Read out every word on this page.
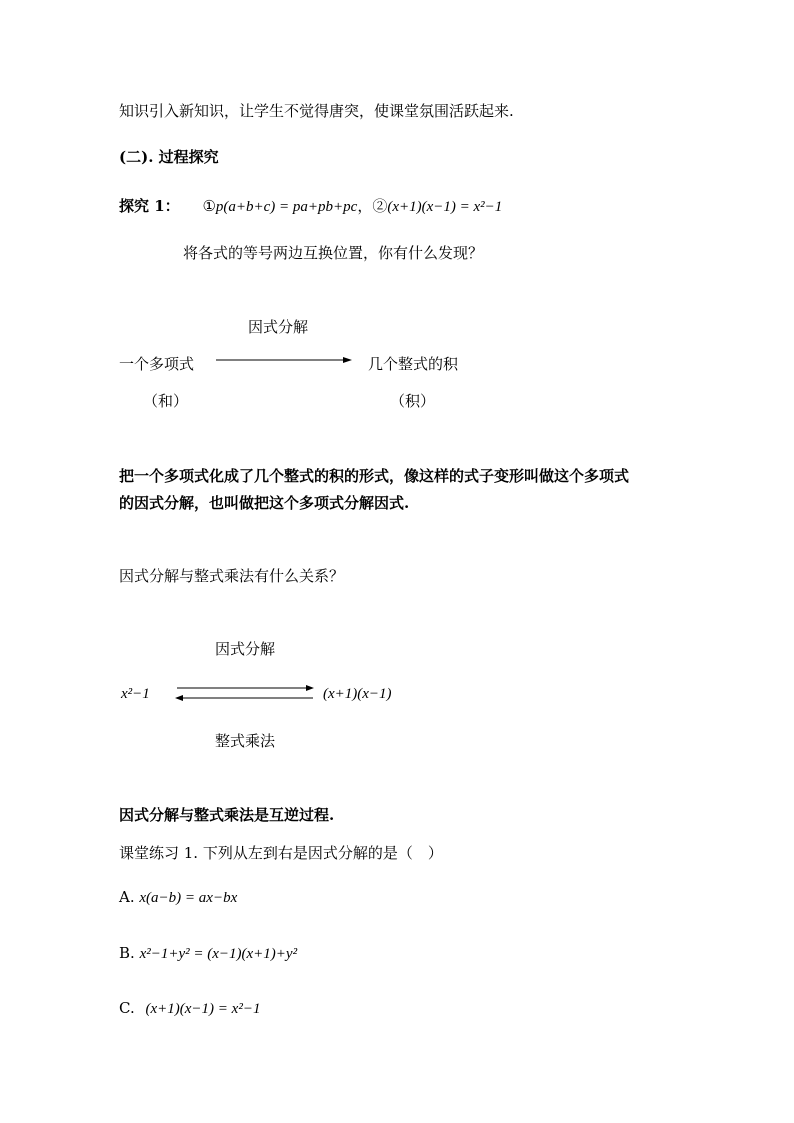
知识引入新知识，让学生不觉得唐突，使课堂氛围活跃起来.
(二). 过程探究
探究 1： ①p(a+b+c) = pa+pb+pc，②(x+1)(x−1) = x²−1
将各式的等号两边互换位置，你有什么发现？
因式分解
一个多项式	几个整式的积
（和）	（积）
把一个多项式化成了几个整式的积的形式，像这样的式子变形叫做这个多项式
的因式分解，也叫做把这个多项式分解因式.
因式分解与整式乘法有什么关系？
因式分解
x²−1	(x+1)(x−1)
整式乘法
因式分解与整式乘法是互逆过程.
课堂练习 1. 下列从左到右是因式分解的是（　）
A. x(a−b) = ax−bx
B. x²−1+y² = (x−1)(x+1)+y²
C. (x+1)(x−1) = x²−1
